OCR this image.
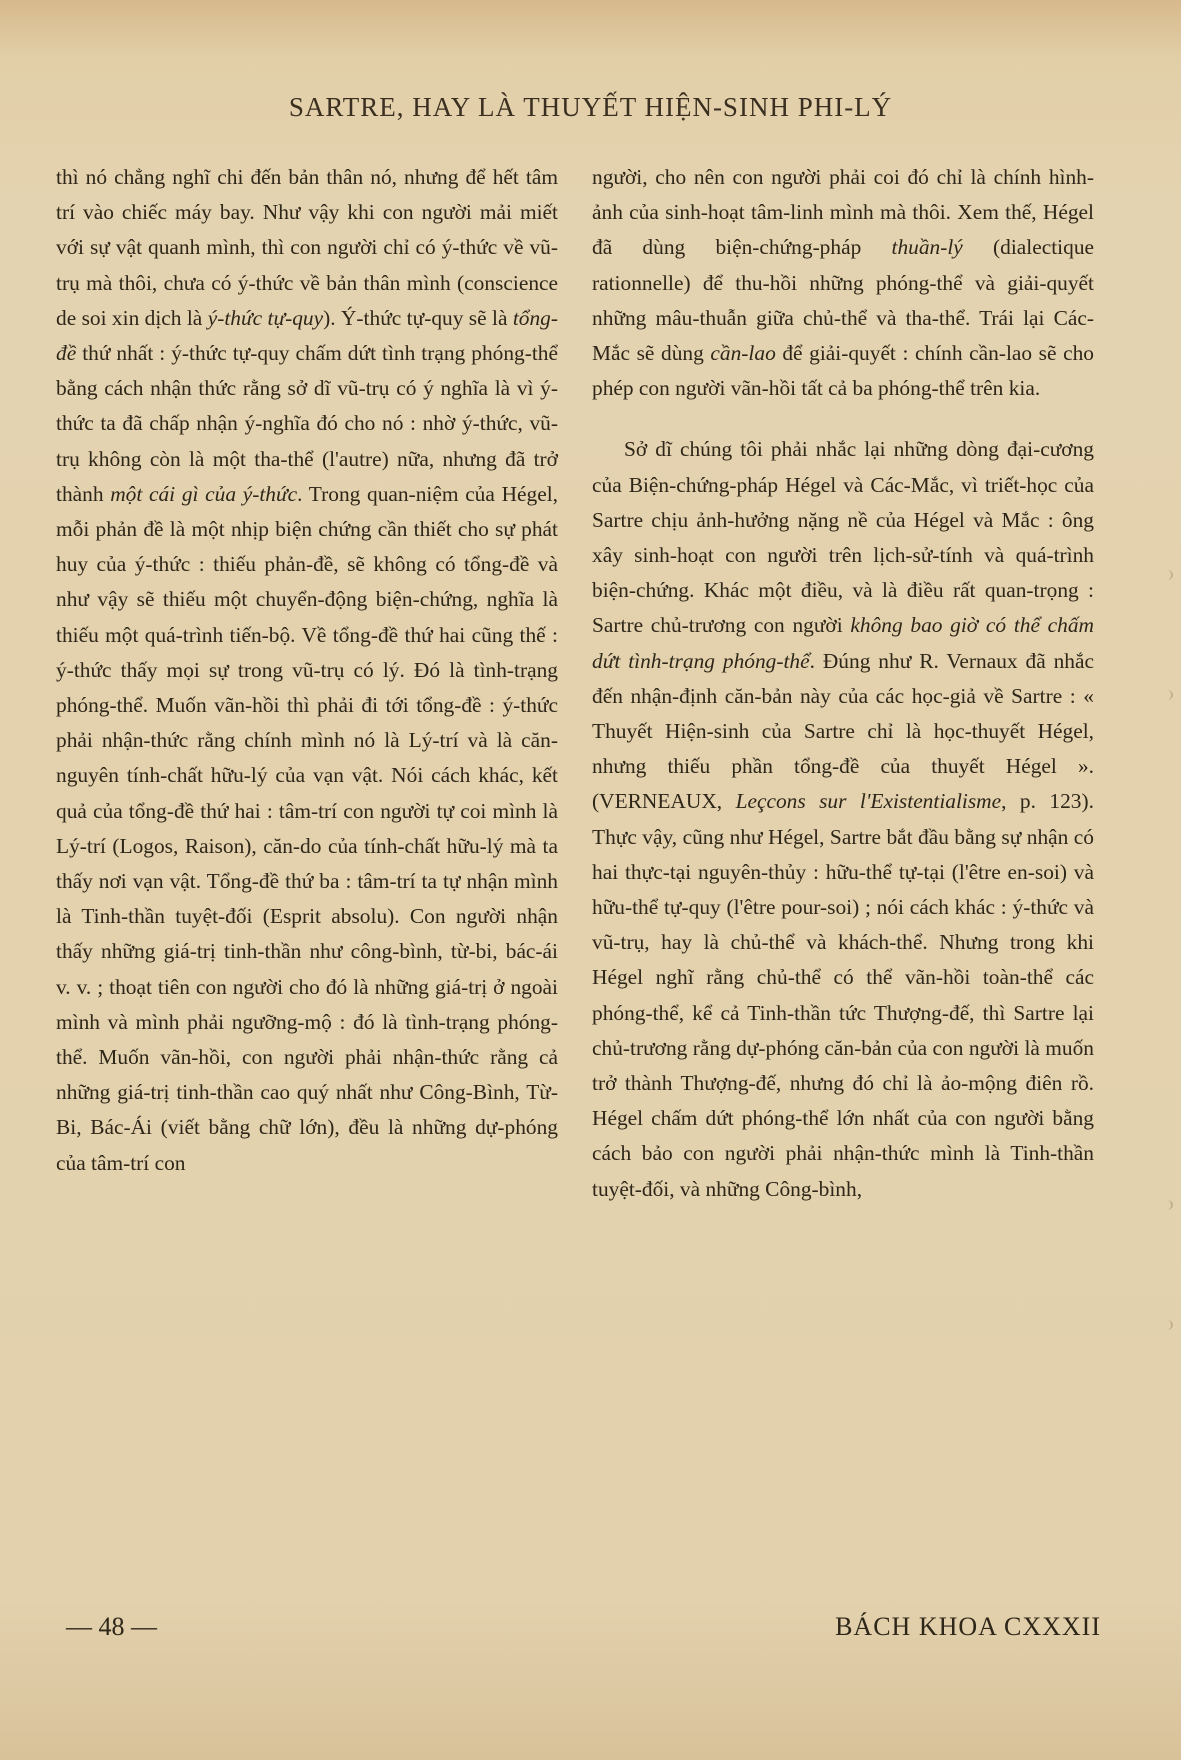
SARTRE, HAY LÀ THUYẾT HIỆN-SINH PHI-LÝ

thì nó chẳng nghĩ chi đến bản thân nó, nhưng để hết tâm trí vào chiếc máy bay. Như vậy khi con người mải miết với sự vật quanh mình, thì con người chỉ có ý-thức về vũ-trụ mà thôi, chưa có ý-thức về bản thân mình (conscience de soi xin dịch là ý-thức tự-quy). Ý-thức tự-quy sẽ là tổng-đề thứ nhất : ý-thức tự-quy chấm dứt tình trạng phóng-thể bằng cách nhận thức rằng sở dĩ vũ-trụ có ý nghĩa là vì ý-thức ta đã chấp nhận ý-nghĩa đó cho nó : nhờ ý-thức, vũ-trụ không còn là một tha-thể (l'autre) nữa, nhưng đã trở thành một cái gì của ý-thức. Trong quan-niệm của Hégel, mỗi phản đề là một nhịp biện chứng cần thiết cho sự phát huy của ý-thức : thiếu phản-đề, sẽ không có tổng-đề và như vậy sẽ thiếu một chuyển-động biện-chứng, nghĩa là thiếu một quá-trình tiến-bộ. Về tổng-đề thứ hai cũng thế : ý-thức thấy mọi sự trong vũ-trụ có lý. Đó là tình-trạng phóng-thể. Muốn vãn-hồi thì phải đi tới tổng-đề : ý-thức phải nhận-thức rằng chính mình nó là Lý-trí và là căn-nguyên tính-chất hữu-lý của vạn vật. Nói cách khác, kết quả của tổng-đề thứ hai : tâm-trí con người tự coi mình là Lý-trí (Logos, Raison), căn-do của tính-chất hữu-lý mà ta thấy nơi vạn vật. Tổng-đề thứ ba : tâm-trí ta tự nhận mình là Tinh-thần tuyệt-đối (Esprit absolu). Con người nhận thấy những giá-trị tinh-thần như công-bình, từ-bi, bác-ái v. v. ; thoạt tiên con người cho đó là những giá-trị ở ngoài mình và mình phải ngưỡng-mộ : đó là tình-trạng phóng-thể. Muốn vãn-hồi, con người phải nhận-thức rằng cả những giá-trị tinh-thần cao quý nhất như Công-Bình, Từ-Bi, Bác-Ái (viết bằng chữ lớn), đều là những dự-phóng của tâm-trí con

người, cho nên con người phải coi đó chỉ là chính hình-ảnh của sinh-hoạt tâm-linh mình mà thôi. Xem thế, Hégel đã dùng biện-chứng-pháp thuần-lý (dialectique rationnelle) để thu-hồi những phóng-thể và giải-quyết những mâu-thuẫn giữa chủ-thể và tha-thể. Trái lại Các-Mắc sẽ dùng cần-lao để giải-quyết : chính cần-lao sẽ cho phép con người vãn-hồi tất cả ba phóng-thể trên kia.

Sở dĩ chúng tôi phải nhắc lại những dòng đại-cương của Biện-chứng-pháp Hégel và Các-Mắc, vì triết-học của Sartre chịu ảnh-hưởng nặng nề của Hégel và Mắc : ông xây sinh-hoạt con người trên lịch-sử-tính và quá-trình biện-chứng. Khác một điều, và là điều rất quan-trọng : Sartre chủ-trương con người không bao giờ có thể chấm dứt tình-trạng phóng-thể. Đúng như R. Vernaux đã nhắc đến nhận-định căn-bản này của các học-giả về Sartre : « Thuyết Hiện-sinh của Sartre chỉ là học-thuyết Hégel, nhưng thiếu phần tổng-đề của thuyết Hégel ». (VERNEAUX, Leçcons sur l'Existentialisme, p. 123). Thực vậy, cũng như Hégel, Sartre bắt đầu bằng sự nhận có hai thực-tại nguyên-thủy : hữu-thể tự-tại (l'être en-soi) và hữu-thể tự-quy (l'être pour-soi) ; nói cách khác : ý-thức và vũ-trụ, hay là chủ-thể và khách-thể. Nhưng trong khi Hégel nghĩ rằng chủ-thể có thể vãn-hồi toàn-thể các phóng-thể, kể cả Tinh-thần tức Thượng-đế, thì Sartre lại chủ-trương rằng dự-phóng căn-bản của con người là muốn trở thành Thượng-đế, nhưng đó chỉ là ảo-mộng điên rồ. Hégel chấm dứt phóng-thể lớn nhất của con người bằng cách bảo con người phải nhận-thức mình là Tinh-thần tuyệt-đối, và những Công-bình,

— 48 —	BÁCH KHOA CXXXII
